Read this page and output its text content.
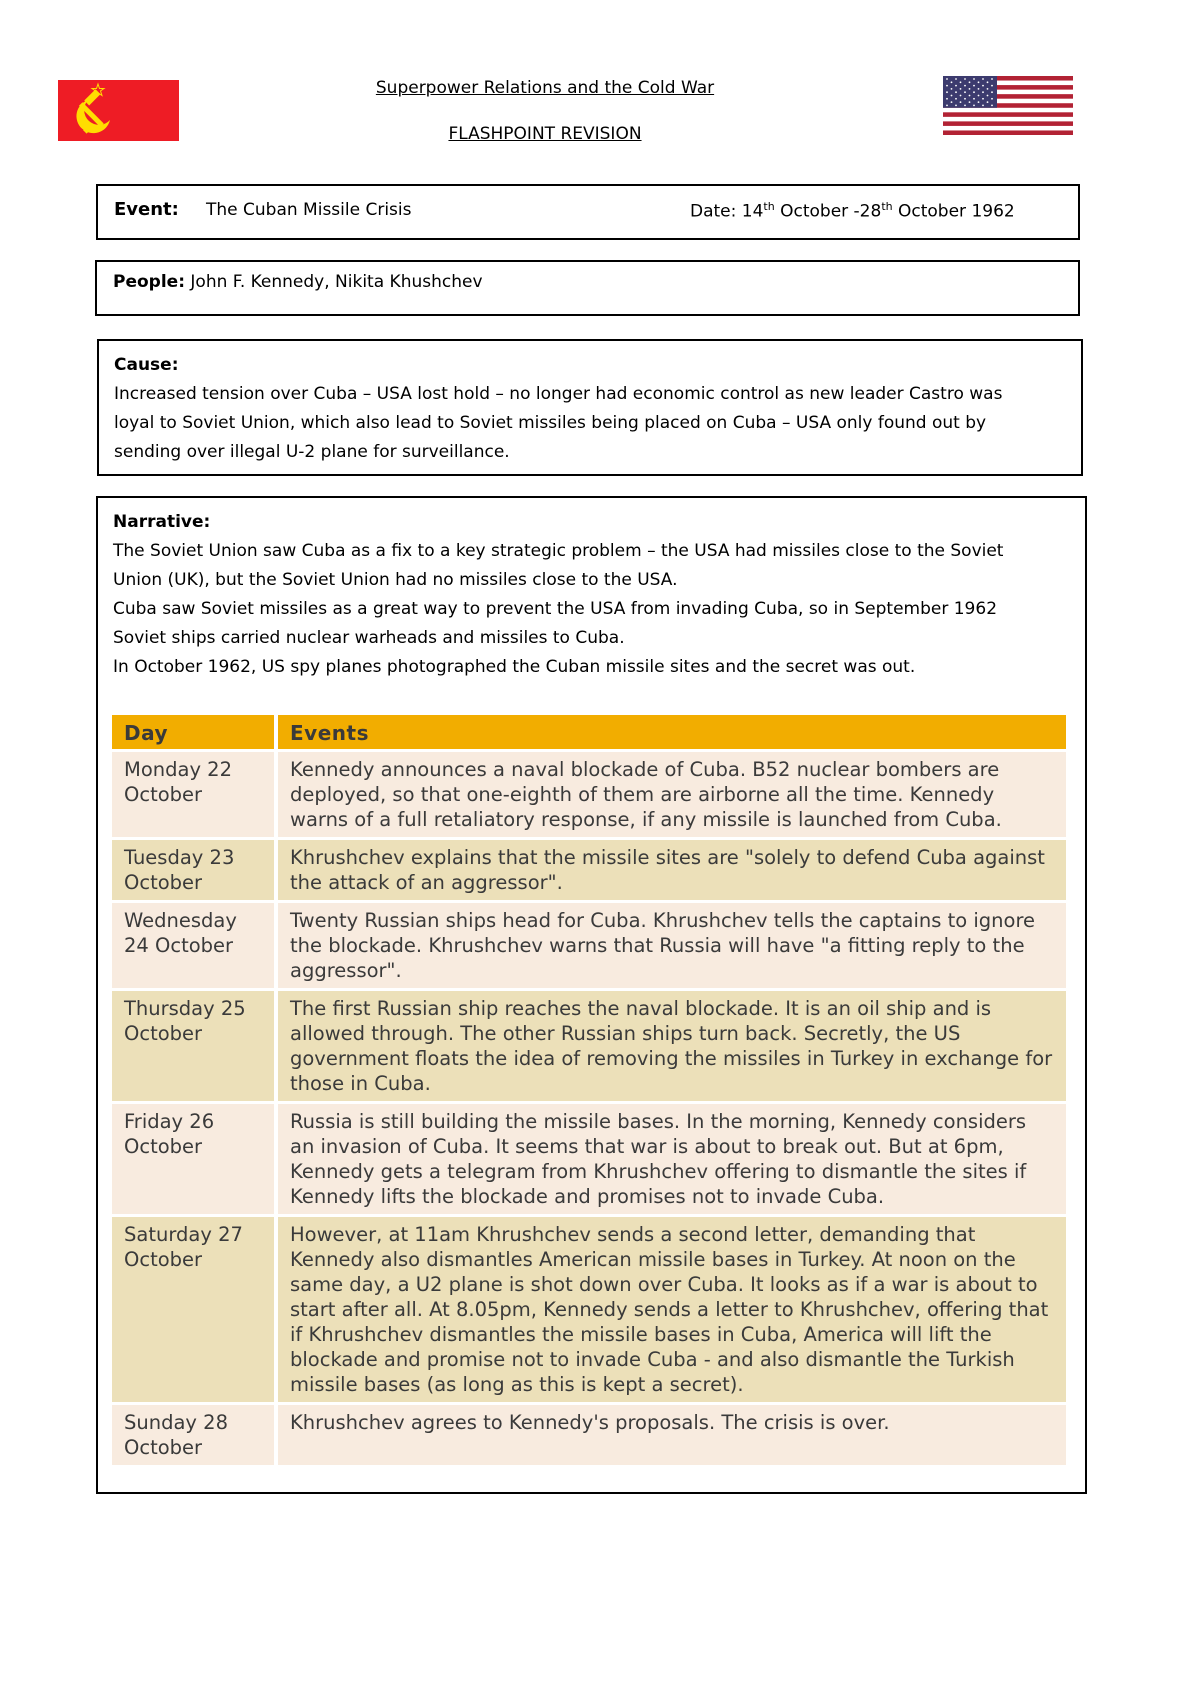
Superpower Relations and the Cold War
FLASHPOINT REVISION
Event: The Cuban Missile Crisis	Date: 14th October -28th October 1962
People: John F. Kennedy, Nikita Khushchev

Cause:

Increased tension over Cuba – USA lost hold – no longer had economic control as new leader Castro was

loyal to Soviet Union, which also lead to Soviet missiles being placed on Cuba – USA only found out by

sending over illegal U-2 plane for surveillance.

Narrative:

The Soviet Union saw Cuba as a fix to a key strategic problem – the USA had missiles close to the Soviet

Union (UK), but the Soviet Union had no missiles close to the USA.

Cuba saw Soviet missiles as a great way to prevent the USA from invading Cuba, so in September 1962

Soviet ships carried nuclear warheads and missiles to Cuba.

In October 1962, US spy planes photographed the Cuban missile sites and the secret was out.

Day	Events
Monday 22 October	Kennedy announces a naval blockade of Cuba. B52 nuclear bombers are deployed, so that one-eighth of them are airborne all the time. Kennedy warns of a full retaliatory response, if any missile is launched from Cuba.
Tuesday 23 October	Khrushchev explains that the missile sites are "solely to defend Cuba against the attack of an aggressor".
Wednesday 24 October	Twenty Russian ships head for Cuba. Khrushchev tells the captains to ignore the blockade. Khrushchev warns that Russia will have "a fitting reply to the aggressor".
Thursday 25 October	The first Russian ship reaches the naval blockade. It is an oil ship and is allowed through. The other Russian ships turn back. Secretly, the US government floats the idea of removing the missiles in Turkey in exchange for those in Cuba.
Friday 26 October	Russia is still building the missile bases. In the morning, Kennedy considers an invasion of Cuba. It seems that war is about to break out. But at 6pm, Kennedy gets a telegram from Khrushchev offering to dismantle the sites if Kennedy lifts the blockade and promises not to invade Cuba.
Saturday 27 October	However, at 11am Khrushchev sends a second letter, demanding that Kennedy also dismantles American missile bases in Turkey. At noon on the same day, a U2 plane is shot down over Cuba. It looks as if a war is about to start after all. At 8.05pm, Kennedy sends a letter to Khrushchev, offering that if Khrushchev dismantles the missile bases in Cuba, America will lift the blockade and promise not to invade Cuba - and also dismantle the Turkish missile bases (as long as this is kept a secret).
Sunday 28 October	Khrushchev agrees to Kennedy's proposals. The crisis is over.
